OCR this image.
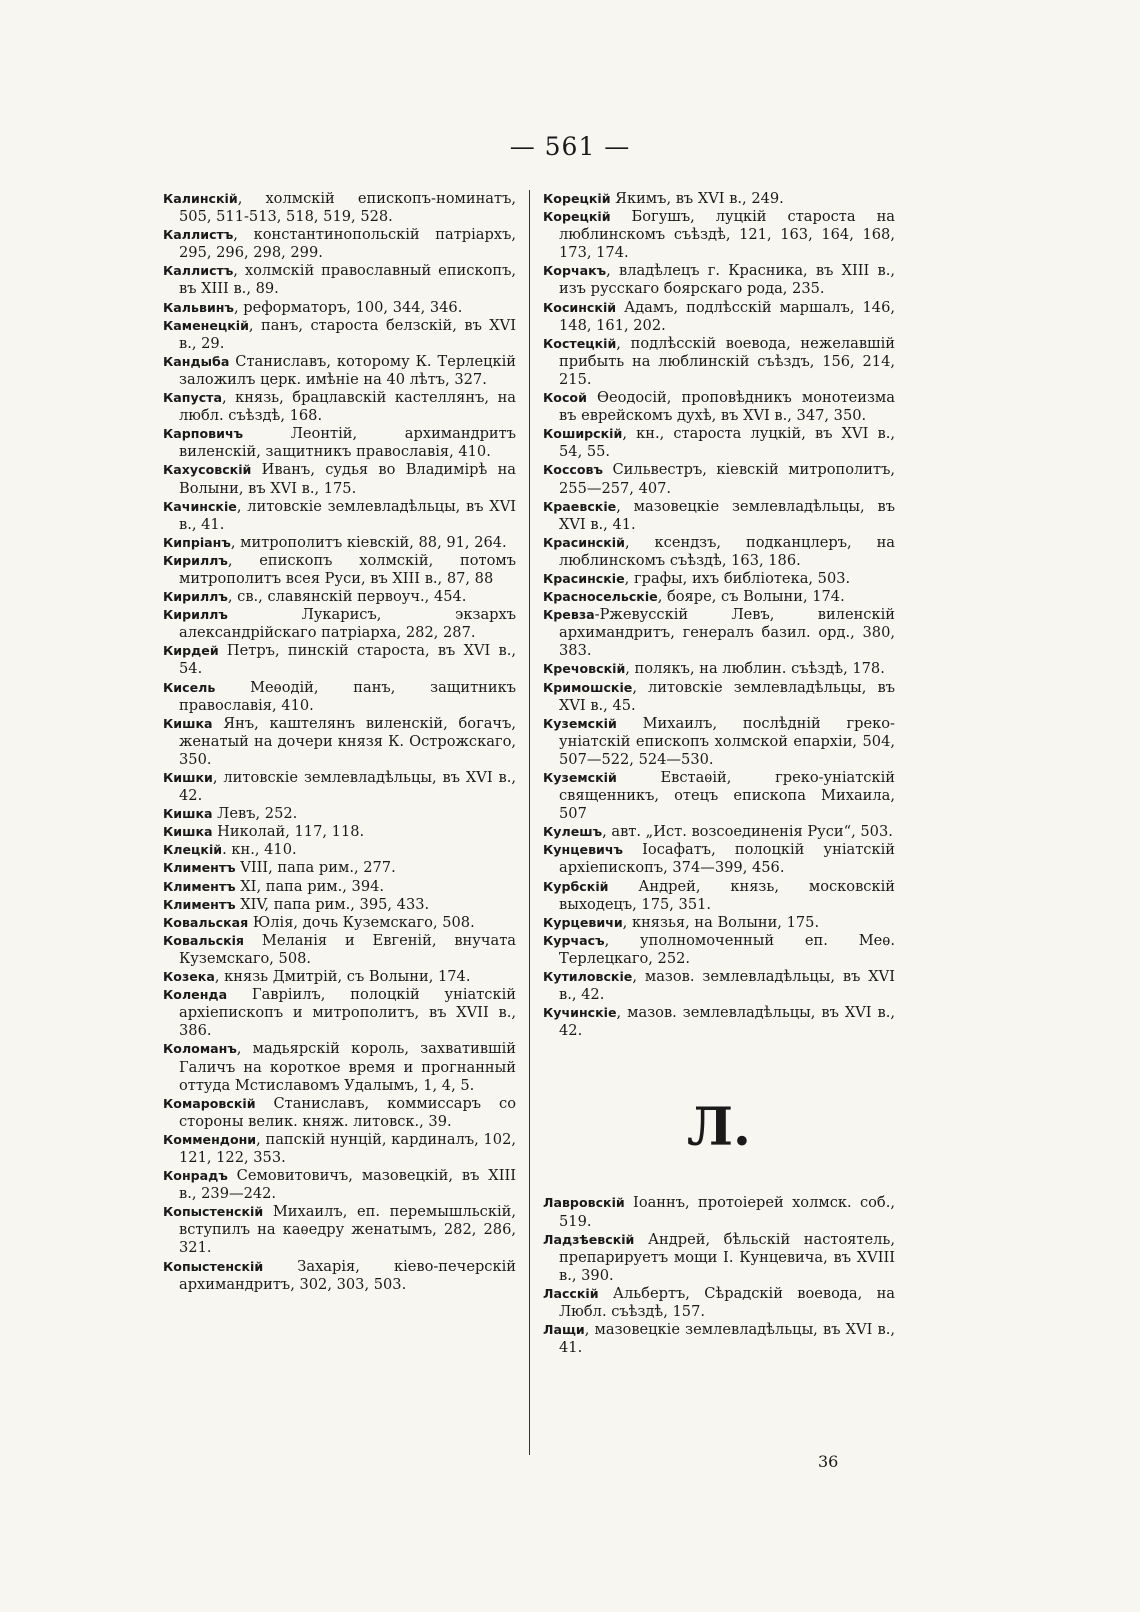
— 561 —
Калинскій, холмскій епископъ-номинатъ, 505, 511-513, 518, 519, 528.
Каллистъ, константинопольскій патріархъ, 295, 296, 298, 299.
Каллистъ, холмскій православный епископъ, въ XIII в., 89.
Кальвинъ, реформаторъ, 100, 344, 346.
Каменецкій, панъ, староста белзскій, въ XVI в., 29.
Кандыба Станиславъ, которому К. Терлецкій заложилъ церк. имѣніе на 40 лѣтъ, 327.
Капуста, князь, брацлавскій кастеллянъ, на любл. съѣздѣ, 168.
Карповичъ Леонтій, архимандритъ виленскій, защитникъ православія, 410.
Кахусовскій Иванъ, судья во Владимірѣ на Волыни, въ XVI в., 175.
Качинскіе, литовскіе землевладѣльцы, въ XVI в., 41.
Кипріанъ, митрополитъ кіевскій, 88, 91, 264.
Кириллъ, епископъ холмскій, потомъ митрополитъ всея Руси, въ XIII в., 87, 88
Кириллъ, св., славянскій первоуч., 454.
Кириллъ Лукарисъ, экзархъ александрійскаго патріарха, 282, 287.
Кирдей Петръ, пинскій староста, въ XVI в., 54.
Кисель Меѳодій, панъ, защитникъ православія, 410.
Кишка Янъ, каштелянъ виленскій, богачъ, женатый на дочери князя К. Острожскаго, 350.
Кишки, литовскіе землевладѣльцы, въ XVI в., 42.
Кишка Левъ, 252.
Кишка Николай, 117, 118.
Клецкій. кн., 410.
Климентъ VIII, папа рим., 277.
Климентъ XI, папа рим., 394.
Климентъ XIV, папа рим., 395, 433.
Ковальская Юлія, дочь Куземскаго, 508.
Ковальскія Меланія и Евгеній, внучата Куземскаго, 508.
Козека, князь Дмитрій, съ Волыни, 174.
Коленда Гавріилъ, полоцкій уніатскій архіепископъ и митрополитъ, въ XVII в., 386.
Коломанъ, мадьярскій король, захватившій Галичъ на короткое время и прогнанный оттуда Мстиславомъ Удалымъ, 1, 4, 5.
Комаровскій Станиславъ, коммиссаръ со стороны велик. княж. литовск., 39.
Коммендони, папскій нунцій, кардиналъ, 102, 121, 122, 353.
Конрадъ Семовитовичъ, мазовецкій, въ XIII в., 239—242.
Копыстенскій Михаилъ, еп. перемышльскій, вступилъ на каѳедру женатымъ, 282, 286, 321.
Копыстенскій Захарія, кіево-печерскій архимандритъ, 302, 303, 503.
Корецкій Якимъ, въ XVI в., 249.
Корецкій Богушъ, луцкій староста на люблинскомъ съѣздѣ, 121, 163, 164, 168, 173, 174.
Корчакъ, владѣлецъ г. Красника, въ XIII в., изъ русскаго боярскаго рода, 235.
Косинскій Адамъ, подлѣсскій маршалъ, 146, 148, 161, 202.
Костецкій, подлѣсскій воевода, нежелавшій прибыть на люблинскій съѣздъ, 156, 214, 215.
Косой Ѳеодосій, проповѣдникъ монотеизма въ еврейскомъ духѣ, въ XVI в., 347, 350.
Коширскій, кн., староста луцкій, въ XVI в., 54, 55.
Коссовъ Сильвестръ, кіевскій митрополитъ, 255—257, 407.
Краевскіе, мазовецкіе землевладѣльцы, въ XVI в., 41.
Красинскій, ксендзъ, подканцлеръ, на люблинскомъ съѣздѣ, 163, 186.
Красинскіе, графы, ихъ библіотека, 503.
Красносельскіе, бояре, съ Волыни, 174.
Кревза-Ржевусскій Левъ, виленскій архимандритъ, генералъ базил. орд., 380, 383.
Кречовскій, полякъ, на люблин. съѣздѣ, 178.
Кримошскіе, литовскіе землевладѣльцы, въ XVI в., 45.
Куземскій Михаилъ, послѣдній греко-уніатскій епископъ холмской епархіи, 504, 507—522, 524—530.
Куземскій Евстаѳій, греко-уніатскій священникъ, отецъ епископа Михаила, 507
Кулешъ, авт. „Ист. возсоединенія Руси“, 503.
Кунцевичъ Іосафатъ, полоцкій уніатскій архіепископъ, 374—399, 456.
Курбскій Андрей, князь, московскій выходецъ, 175, 351.
Курцевичи, князья, на Волыни, 175.
Курчасъ, уполномоченный еп. Меѳ. Терлецкаго, 252.
Кутиловскіе, мазов. землевладѣльцы, въ XVI в., 42.
Кучинскіе, мазов. землевладѣльцы, въ XVI в., 42.
Л.
Лавровскій Іоаннъ, протоіерей холмск. соб., 519.
Ладзѣевскій Андрей, бѣльскій настоятель, препарируетъ мощи І. Кунцевича, въ XVIII в., 390.
Ласскій Альбертъ, Сѣрадскій воевода, на Любл. съѣздѣ, 157.
Лащи, мазовецкіе землевладѣльцы, въ XVI в., 41.
36
